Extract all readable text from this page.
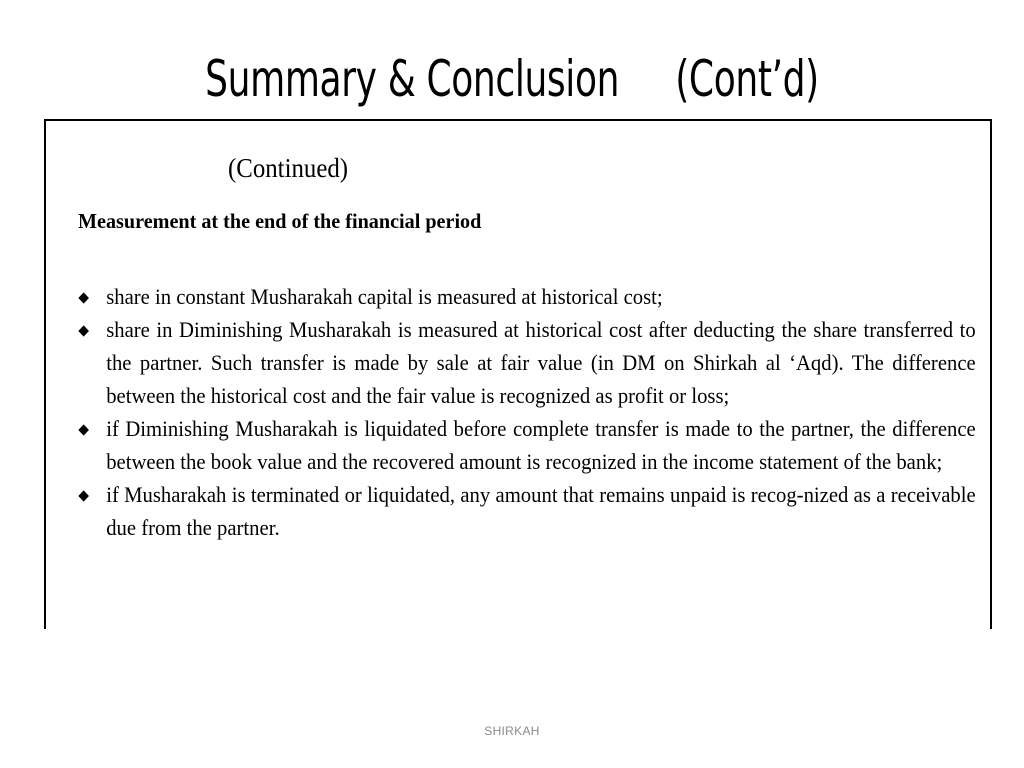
Summary & Conclusion (Cont’d)
(Continued)
Measurement at the end of the financial period
share in constant Musharakah capital is measured at historical cost;
share in Diminishing Musharakah is measured at historical cost after deducting the share transferred to the partner. Such transfer is made by sale at fair value (in DM on Shirkah al ‘Aqd). The difference between the historical cost and the fair value is recognized as profit or loss;
if Diminishing Musharakah is liquidated before complete transfer is made to the partner, the difference between the book value and the recovered amount is recognized in the income statement of the bank;
if Musharakah is terminated or liquidated, any amount that remains unpaid is recog-nized as a receivable due from the partner.
SHIRKAH
